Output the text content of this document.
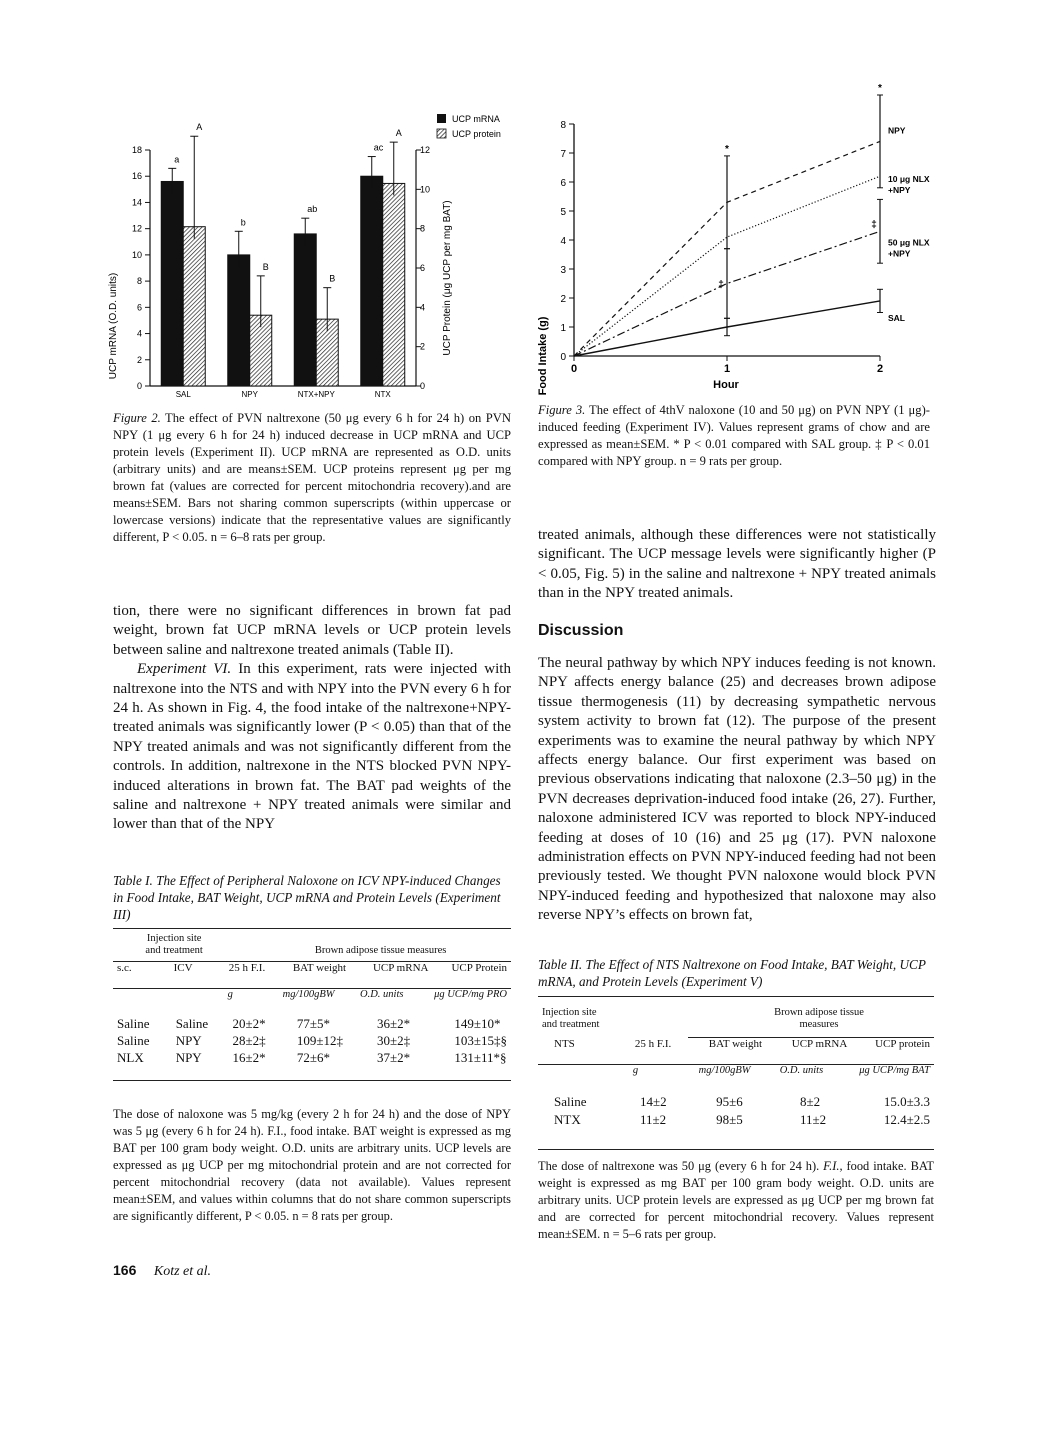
UCP mRNA
UCP protein
0
2
4
6
8
10
12
14
16
18
0
2
4
6
8
10
12
SAL
a
A
NPY
b
B
NTX+NPY
ab
B
NTX
ac
A
UCP mRNA (O.D. units)	UCP Protein (μg UCP per mg BAT)
Figure 2. The effect of PVN naltrexone (50 μg every 6 h for 24 h) on PVN NPY (1 μg every 6 h for 24 h) induced decrease in UCP mRNA and UCP protein levels (Experiment II). UCP mRNA are represented as O.D. units (arbitrary units) and are means±SEM. UCP proteins represent μg per mg brown fat (values are corrected for percent mitochondria recovery).and are means±SEM. Bars not sharing common superscripts (within uppercase or lowercase versions) indicate that the representative values are significantly different, P < 0.05. n = 6–8 rats per group.
0
1
2
3
4
5
6
7
8
0	1	2
*
*
NPY
10 μg NLX +NPY
‡
‡
50 μg NLX +NPY
SAL
Food Intake (g)	Hour
Figure 3. The effect of 4thV naloxone (10 and 50 μg) on PVN NPY (1 μg)-induced feeding (Experiment IV). Values represent grams of chow and are expressed as mean±SEM. * P < 0.01 compared with SAL group. ‡ P < 0.01 compared with NPY group. n = 9 rats per group.

tion, there were no significant differences in brown fat pad weight, brown fat UCP mRNA levels or UCP protein levels between saline and naltrexone treated animals (Table II).

Experiment VI. In this experiment, rats were injected with naltrexone into the NTS and with NPY into the PVN every 6 h for 24 h. As shown in Fig. 4, the food intake of the naltrexone+NPY-treated animals was significantly lower (P < 0.05) than that of the NPY treated animals and was not significantly different from the controls. In addition, naltrexone in the NTS blocked PVN NPY-induced alterations in brown fat. The BAT pad weights of the saline and naltrexone + NPY treated animals were similar and lower than that of the NPY

treated animals, although these differences were not statistically significant. The UCP message levels were significantly higher (P < 0.05, Fig. 5) in the saline and naltrexone + NPY treated animals than in the NPY treated animals.

Discussion

The neural pathway by which NPY induces feeding is not known. NPY affects energy balance (25) and decreases brown adipose tissue thermogenesis (11) by decreasing sympathetic nervous system activity to brown fat (12). The purpose of the present experiments was to examine the neural pathway by which NPY affects energy balance. Our first experiment was based on previous observations indicating that naloxone (2.3–50 μg) in the PVN decreases deprivation-induced food intake (26, 27). Further, naloxone administered ICV was reported to block NPY-induced feeding at doses of 10 (16) and 25 μg (17). PVN naloxone administration effects on PVN NPY-induced feeding had not been previously tested. We thought PVN naloxone would block PVN NPY-induced feeding and hypothesized that naloxone may also reverse NPY’s effects on brown fat,

Table I. The Effect of Peripheral Naloxone on ICV NPY-induced Changes in Food Intake, BAT Weight, UCP mRNA and Protein Levels (Experiment III)
Injection site
and treatment		Brown adipose tissue measures
s.c.	ICV	25 h F.I.	BAT weight	UCP mRNA	UCP Protein
		g	mg/100gBW	O.D. units	μg UCP/mg PRO
Saline	Saline	20±2*	77±5*	36±2*	149±10*
Saline	NPY	28±2‡	109±12‡	30±2‡	103±15‡§
NLX	NPY	16±2*	72±6*	37±2*	131±11*§
The dose of naloxone was 5 mg/kg (every 2 h for 24 h) and the dose of NPY was 5 μg (every 6 h for 24 h). F.I., food intake. BAT weight is expressed as mg BAT per 100 gram body weight. O.D. units are arbitrary units. UCP levels are expressed as μg UCP per mg mitochondrial protein and are not corrected for percent mitochondrial recovery (data not available). Values represent mean±SEM, and values within columns that do not share common superscripts are significantly different, P < 0.05. n = 8 rats per group.
Table II. The Effect of NTS Naltrexone on Food Intake, BAT Weight, UCP mRNA, and Protein Levels (Experiment V)
Injection site
and treatment		Brown adipose tissue
measures
NTS	25 h F.I.	BAT weight	UCP mRNA	UCP protein
	g	mg/100gBW	O.D. units	μg UCP/mg BAT
Saline	14±2	95±6	8±2	15.0±3.3
NTX	11±2	98±5	11±2	12.4±2.5
The dose of naltrexone was 50 μg (every 6 h for 24 h). F.I., food intake. BAT weight is expressed as mg BAT per 100 gram body weight. O.D. units are arbitrary units. UCP protein levels are expressed as μg UCP per mg brown fat and are corrected for percent mitochondrial recovery. Values represent mean±SEM. n = 5–6 rats per group.
166 Kotz et al.
